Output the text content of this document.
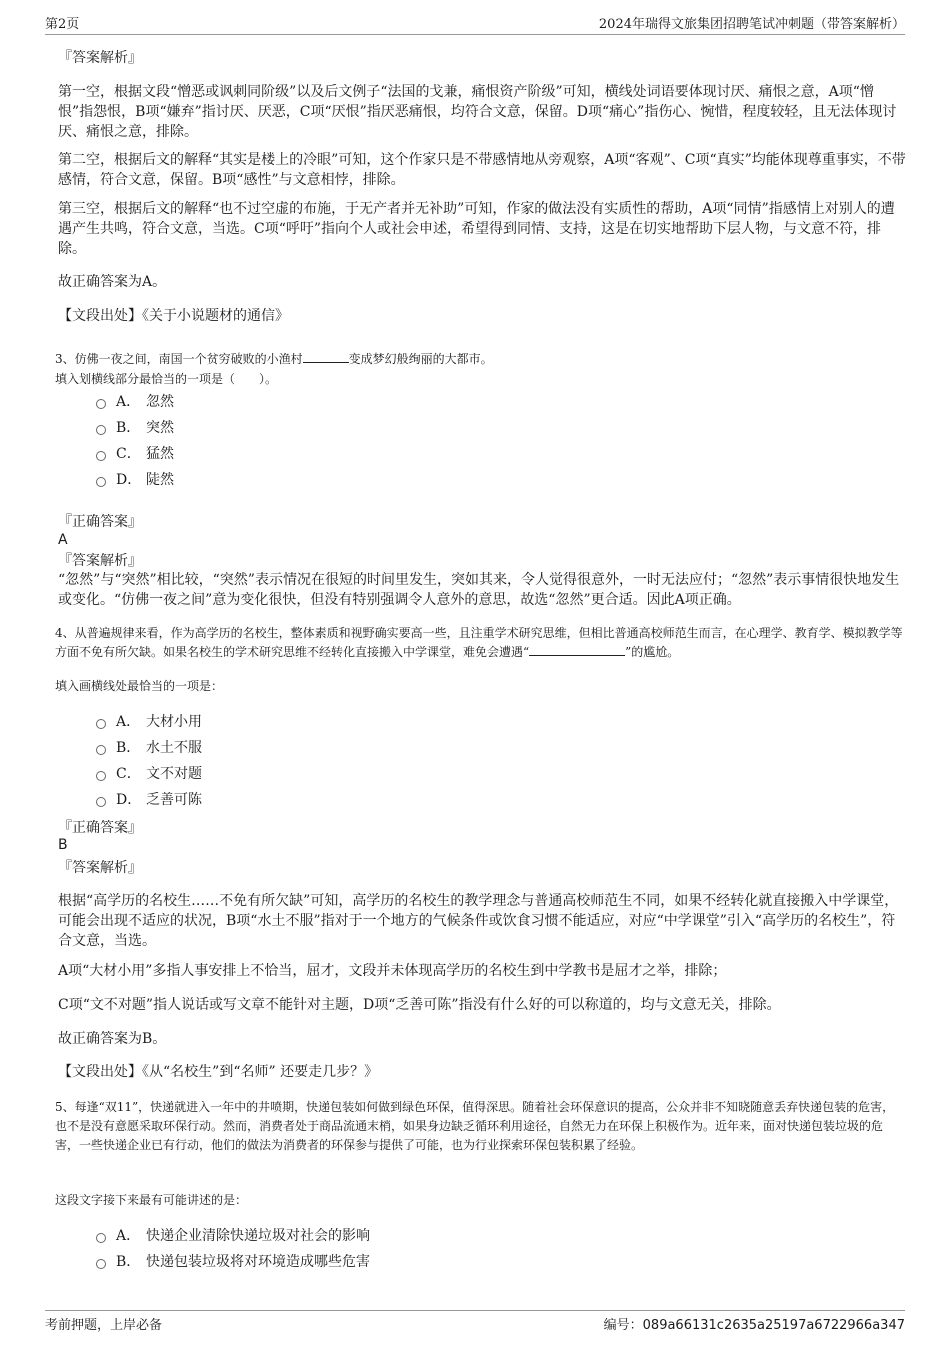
第2页	2024年瑞得文旅集团招聘笔试冲刺题（带答案解析）
『答案解析』
第一空，根据文段“憎恶或讽刺同阶级”以及后文例子“法国的戈兼，痛恨资产阶级”可知，横线处词语要体现讨厌、痛恨之意，A项“憎恨”指怨恨，B项“嫌弃”指讨厌、厌恶，C项“厌恨”指厌恶痛恨，均符合文意，保留。D项“痛心”指伤心、惋惜，程度较轻，且无法体现讨厌、痛恨之意，排除。
第二空，根据后文的解释“其实是楼上的冷眼”可知，这个作家只是不带感情地从旁观察，A项“客观”、C项“真实”均能体现尊重事实，不带感情，符合文意，保留。B项“感性”与文意相悖，排除。
第三空，根据后文的解释“也不过空虚的布施，于无产者并无补助”可知，作家的做法没有实质性的帮助，A项“同情”指感情上对别人的遭遇产生共鸣，符合文意，当选。C项“呼吁”指向个人或社会申述，希望得到同情、支持，这是在切实地帮助下层人物，与文意不符，排除。
故正确答案为A。
【文段出处】《关于小说题材的通信》
3、仿佛一夜之间，南国一个贫穷破败的小渔村	变成梦幻般绚丽的大都市。
填入划横线部分最恰当的一项是（　　）。
A． 忽然
B． 突然
C． 猛然
D． 陡然
『正确答案』
A
『答案解析』
“忽然”与“突然”相比较，“突然”表示情况在很短的时间里发生，突如其来，令人觉得很意外，一时无法应付；“忽然”表示事情很快地发生或变化。“仿佛一夜之间”意为变化很快，但没有特别强调令人意外的意思，故选“忽然”更合适。因此A项正确。
4、从普遍规律来看，作为高学历的名校生，整体素质和视野确实要高一些，且注重学术研究思维，但相比普通高校师范生而言，在心理学、教育学、模拟教学等方面不免有所欠缺。如果名校生的学术研究思维不经转化直接搬入中学课堂，难免会遭遇“	”的尴尬。
填入画横线处最恰当的一项是：
A． 大材小用
B． 水土不服
C． 文不对题
D． 乏善可陈
『正确答案』
B
『答案解析』
根据“高学历的名校生……不免有所欠缺”可知，高学历的名校生的教学理念与普通高校师范生不同，如果不经转化就直接搬入中学课堂，可能会出现不适应的状况，B项“水土不服”指对于一个地方的气候条件或饮食习惯不能适应，对应“中学课堂”引入“高学历的名校生”，符合文意，当选。
A项“大材小用”多指人事安排上不恰当，屈才，文段并未体现高学历的名校生到中学教书是屈才之举，排除；
C项“文不对题”指人说话或写文章不能针对主题，D项“乏善可陈”指没有什么好的可以称道的，均与文意无关，排除。
故正确答案为B。
【文段出处】《从“名校生”到“名师” 还要走几步？》
5、每逢“双11”，快递就进入一年中的井喷期，快递包装如何做到绿色环保，值得深思。随着社会环保意识的提高，公众并非不知晓随意丢弃快递包装的危害，也不是没有意愿采取环保行动。然而，消费者处于商品流通末梢，如果身边缺乏循环利用途径，自然无力在环保上积极作为。近年来，面对快递包装垃圾的危害，一些快递企业已有行动，他们的做法为消费者的环保参与提供了可能，也为行业探索环保包装积累了经验。
这段文字接下来最有可能讲述的是：
A． 快递企业清除快递垃圾对社会的影响
B． 快递包装垃圾将对环境造成哪些危害
考前押题，上岸必备	编号：089a66131c2635a25197a6722966a347
